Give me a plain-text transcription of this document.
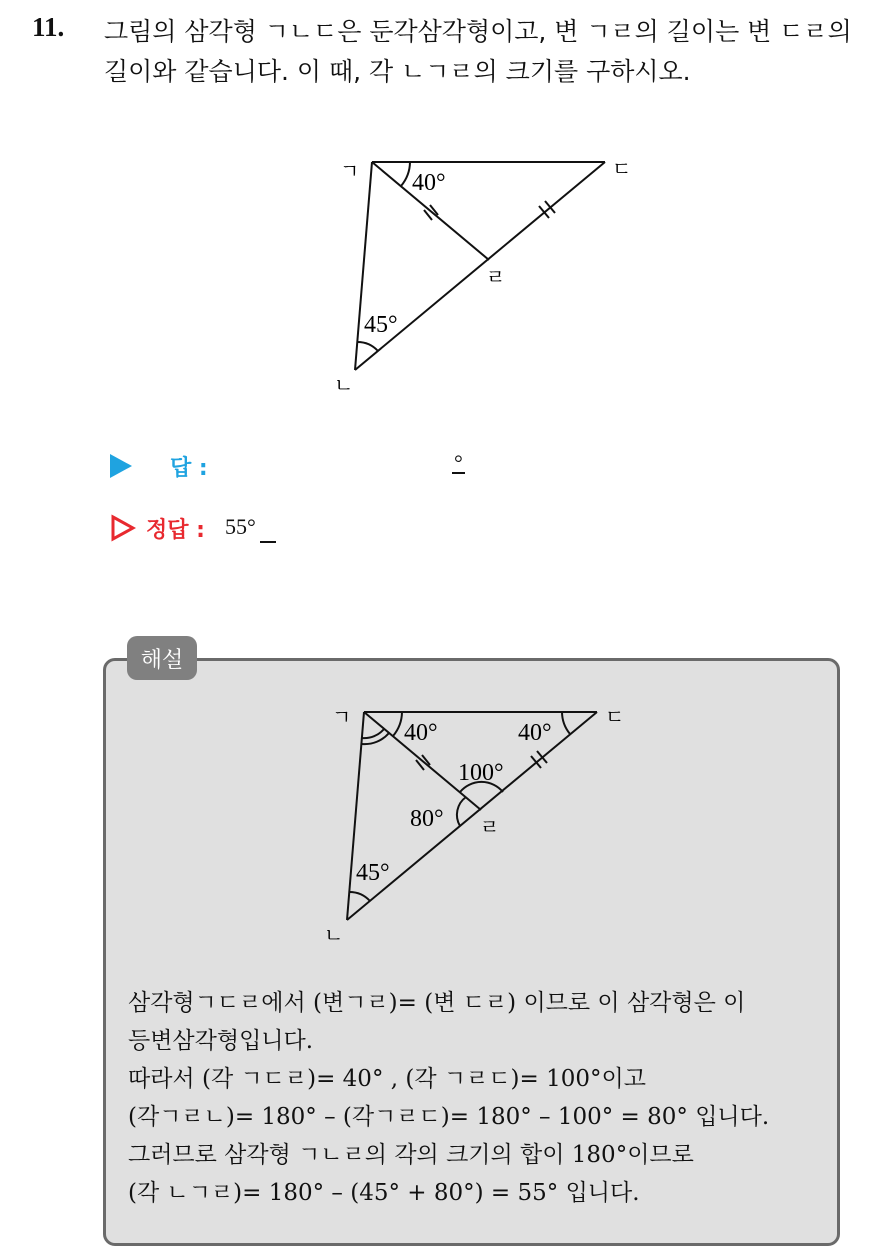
11. 그림의 삼각형 ㄱㄴㄷ은 둔각삼각형이고, 변 ㄱㄹ의 길이는 변 ㄷㄹ의
길이와 같습니다. 이 때, 각 ㄴㄱㄹ의 크기를 구하시오.
ㄱ	ㄷ
ㄹ
ㄴ
40°
45°
답 :	°
정답 : 55°
해설
ㄱ	ㄷ
ㄹ
ㄴ
40°	40°
100°
80°
45°
삼각형ㄱㄷㄹ에서 (변ㄱㄹ)= (변 ㄷㄹ) 이므로 이 삼각형은 이
등변삼각형입니다.
따라서 (각 ㄱㄷㄹ)= 40° , (각 ㄱㄹㄷ)= 100°이고
(각ㄱㄹㄴ)= 180° – (각ㄱㄹㄷ)= 180° – 100° = 80° 입니다.
그러므로 삼각형 ㄱㄴㄹ의 각의 크기의 합이 180°이므로
(각 ㄴㄱㄹ)= 180° – (45° + 80°) = 55° 입니다.
